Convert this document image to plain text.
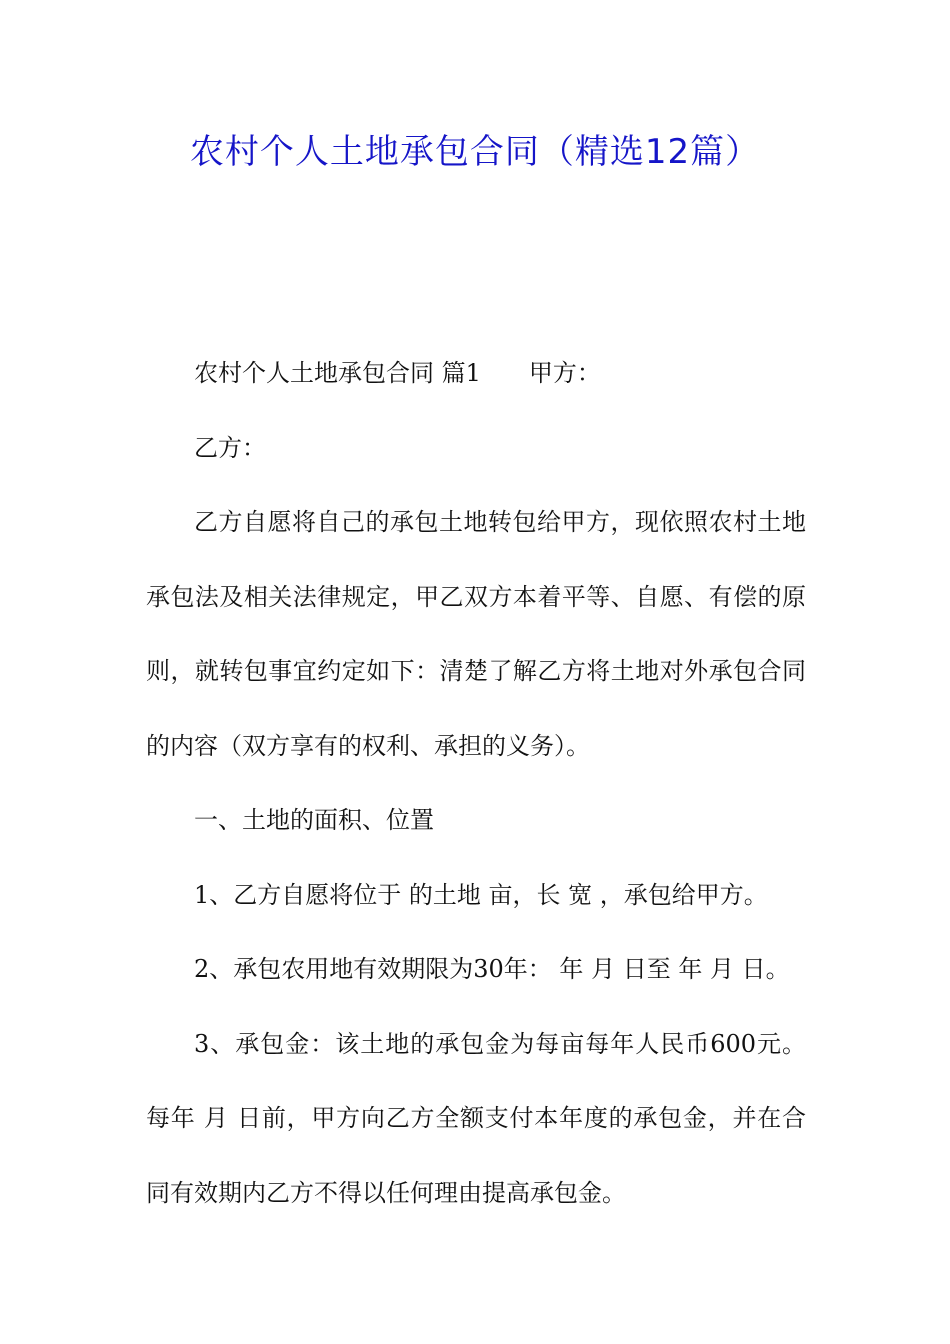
农村个人土地承包合同（精选12篇）

农村个人土地承包合同 篇1 甲方：

乙方：

乙方自愿将自己的承包土地转包给甲方，现依照农村土地承包法及相关法律规定，甲乙双方本着平等、自愿、有偿的原则，就转包事宜约定如下：清楚了解乙方将土地对外承包合同的内容（双方享有的权利、承担的义务）。

一、土地的面积、位置

1、乙方自愿将位于 的土地 亩，长 宽 ，承包给甲方。

2、承包农用地有效期限为30年： 年 月 日至 年 月 日。

3、承包金：该土地的承包金为每亩每年人民币600元。每年 月 日前，甲方向乙方全额支付本年度的承包金，并在合同有效期内乙方不得以任何理由提高承包金。
